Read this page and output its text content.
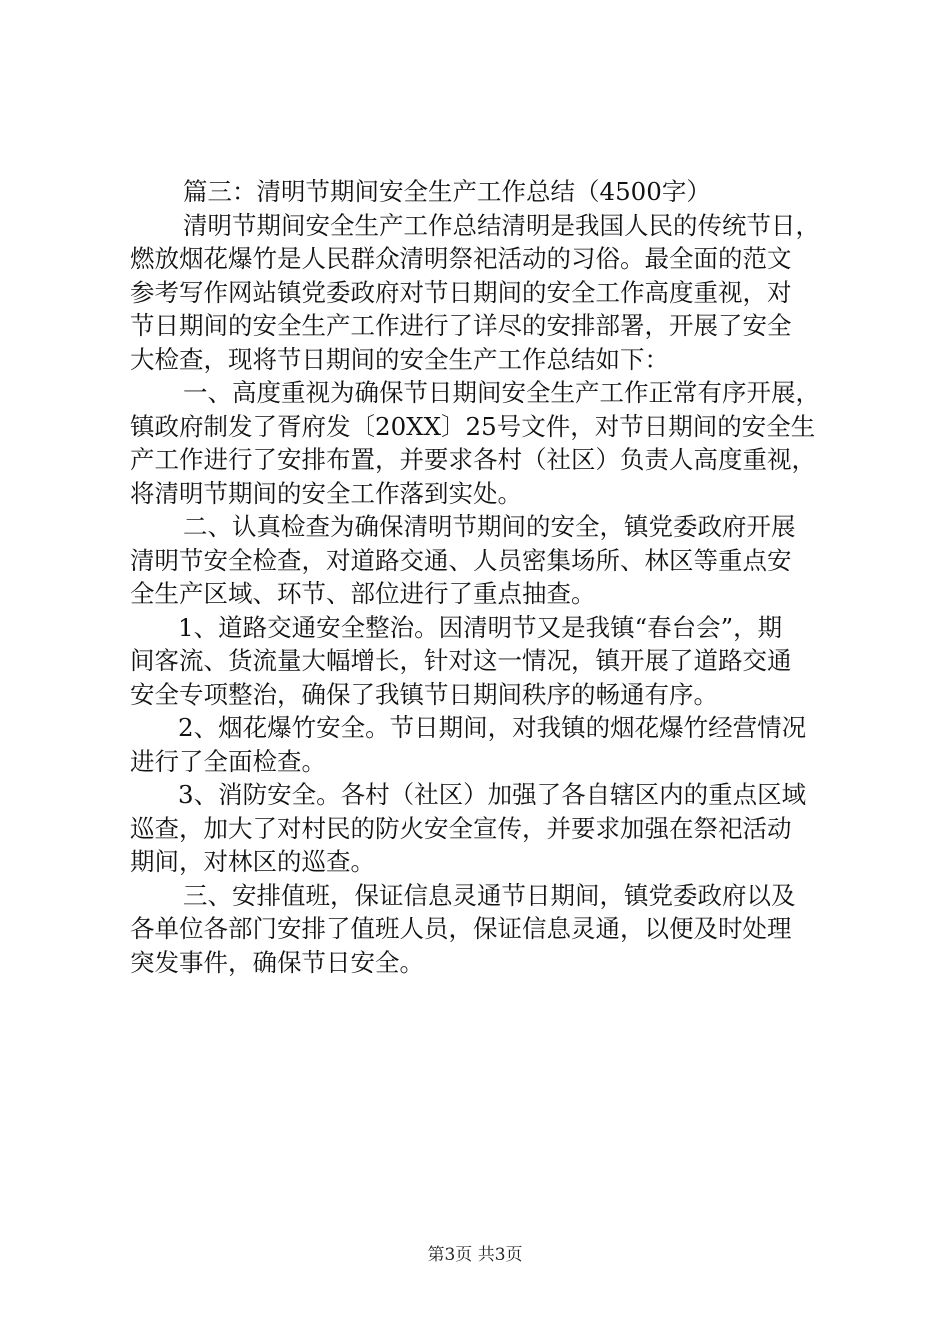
篇三：清明节期间安全生产工作总结（4500字）
清明节期间安全生产工作总结清明是我国人民的传统节日，
燃放烟花爆竹是人民群众清明祭祀活动的习俗。最全面的范文
参考写作网站镇党委政府对节日期间的安全工作高度重视，对
节日期间的安全生产工作进行了详尽的安排部署，开展了安全
大检查，现将节日期间的安全生产工作总结如下：
一、高度重视为确保节日期间安全生产工作正常有序开展，
镇政府制发了胥府发〔20XX〕25号文件，对节日期间的安全生
产工作进行了安排布置，并要求各村（社区）负责人高度重视，
将清明节期间的安全工作落到实处。
二、认真检查为确保清明节期间的安全，镇党委政府开展
清明节安全检查，对道路交通、人员密集场所、林区等重点安
全生产区域、环节、部位进行了重点抽查。
1、道路交通安全整治。因清明节又是我镇“春台会”，期
间客流、货流量大幅增长，针对这一情况，镇开展了道路交通
安全专项整治，确保了我镇节日期间秩序的畅通有序。
2、烟花爆竹安全。节日期间，对我镇的烟花爆竹经营情况
进行了全面检查。
3、消防安全。各村（社区）加强了各自辖区内的重点区域
巡查，加大了对村民的防火安全宣传，并要求加强在祭祀活动
期间，对林区的巡查。
三、安排值班，保证信息灵通节日期间，镇党委政府以及
各单位各部门安排了值班人员，保证信息灵通，以便及时处理
突发事件，确保节日安全。
第3页 共3页
